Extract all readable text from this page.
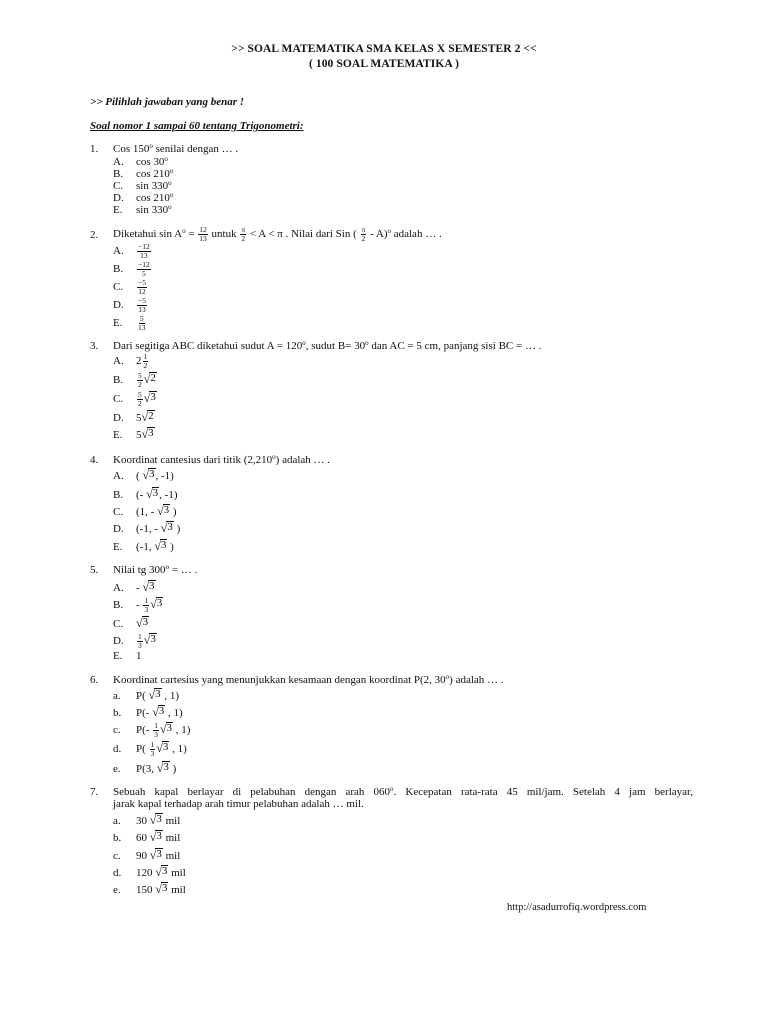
>> SOAL MATEMATIKA SMA KELAS X SEMESTER 2 <<
( 100 SOAL MATEMATIKA )
>> Pilihlah jawaban yang benar !
Soal nomor 1 sampai 60 tentang Trigonometri:
1. Cos 150$^o$ senilai dengan … .
A. cos 30$^o$
B. cos 210$^o$
C. sin 330$^o$
D. cos 210$^o$
E. sin 330$^o$
2. Diketahui $\sin A^o = \frac{12}{13}$ untuk $\frac{\pi}{2} < A < \pi$ . Nilai dari Sin ( $\frac{\pi}{2} - A)^o$ adalah … .
A. $\frac{-12}{13}$
B. $\frac{-12}{5}$
C. $\frac{-5}{12}$
D. $\frac{-5}{13}$
E. $\frac{5}{13}$
3. Dari segitiga ABC diketahui sudut $A = 120^o$, sudut $B= 30^o$ dan AC = 5 cm, panjang sisi BC = … .
A. $2 \frac{1}{2}$
B. $\frac{5}{2}$ √ 2
C. $\frac{5}{2}$ √ 3
D. 5 √ 2
E. 5 √ 3
4. Koordinat cantesius dari titik (2,210$^o$) adalah … .
A. ( √ 3 , -1)
B. (- √ 3 , -1)
C. (1, - √ 3 )
D. (-1, - √ 3 )
E. (-1, √ 3 )
5. Nilai tg $300^o$ = … .
A. - √ 3
B. - $\frac{1}{3}$ √ 3
C. √ 3
D. $\frac{1}{3}$ √ 3
E. 1
6. Koordinat cartesius yang menunjukkan kesamaan dengan koordinat P(2, 30$^o$) adalah … .
a. P( √ 3 , 1)
b. P(- √ 3 , 1)
c. $P(- \frac{1}{3}$ √ 3 , 1)
d. $P( \frac{1}{3}$ √ 3 , 1)
e. P(3, √ 3 )
7. Sebuah kapal berlayar di pelabuhan dengan arah 060$^o$. Kecepatan rata-rata 45 mil/jam. Setelah 4 jam berlayar,
jarak kapal terhadap arah timur pelabuhan adalah … mil.
a. 30 √ 3 mil
b. 60 √ 3 mil
c. 90 √ 3 mil
d. 120 √ 3 mil
e. 150 √ 3 mil
http://asadurrofiq.wordpress.com
